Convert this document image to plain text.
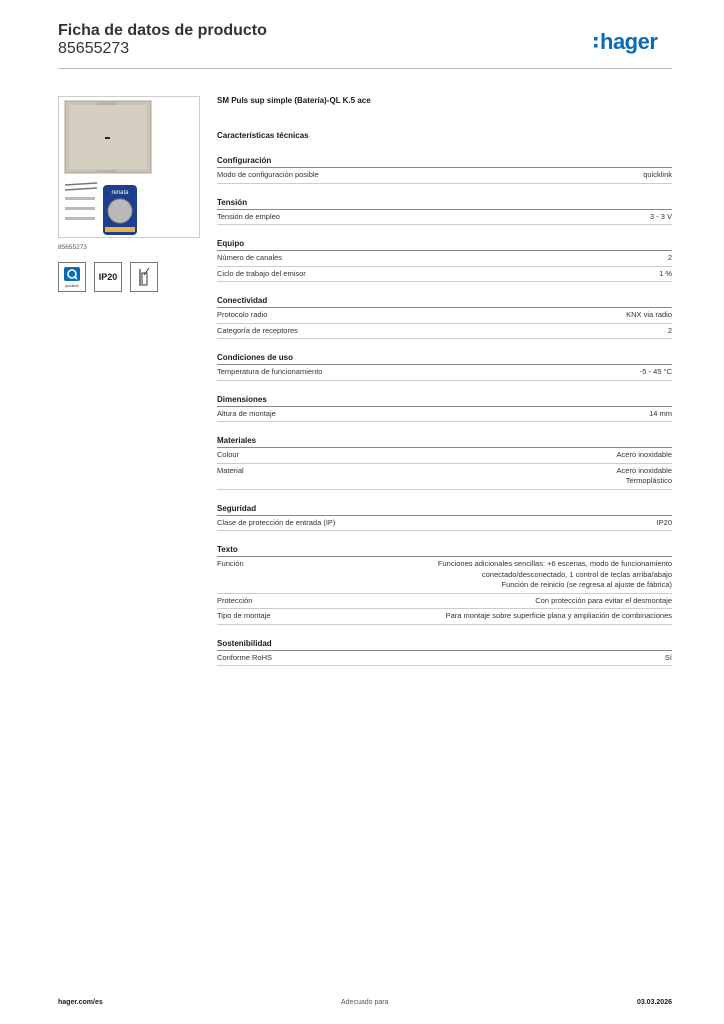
Ficha de datos de producto
85655273	hager
renata
85655273
quicklink
IP20
SM Puls sup simple (Batería)-QL K.5 ace
Características técnicas
Configuración
Modo de configuración posible	quicklink
Tensión
Tensión de empleo	3 - 3 V
Equipo
Número de canales	2
Ciclo de trabajo del emisor	1 %
Conectividad
Protocolo radio	KNX via radio
Categoría de receptores	2
Condiciones de uso
Temperatura de funcionamiento	-5 - 45 °C
Dimensiones
Altura de montaje	14 mm
Materiales
Colour	Acero inoxidable
Material	Acero inoxidable
Termoplástico
Seguridad
Clase de protección de entrada (IP)	IP20
Texto
Función	Funciones adicionales sencillas: +6 escenas, modo de funcionamiento
conectado/desconectado, 1 control de teclas arriba/abajo
Función de reinicio (se regresa al ajuste de fábrica)
Protección	Con protección para evitar el desmontaje
Tipo de montaje	Para montaje sobre superficie plana y ampliación de combinaciones
Sostenibilidad
Conforme RoHS	Sí
hager.com/es	Adecuado para	03.03.2026
